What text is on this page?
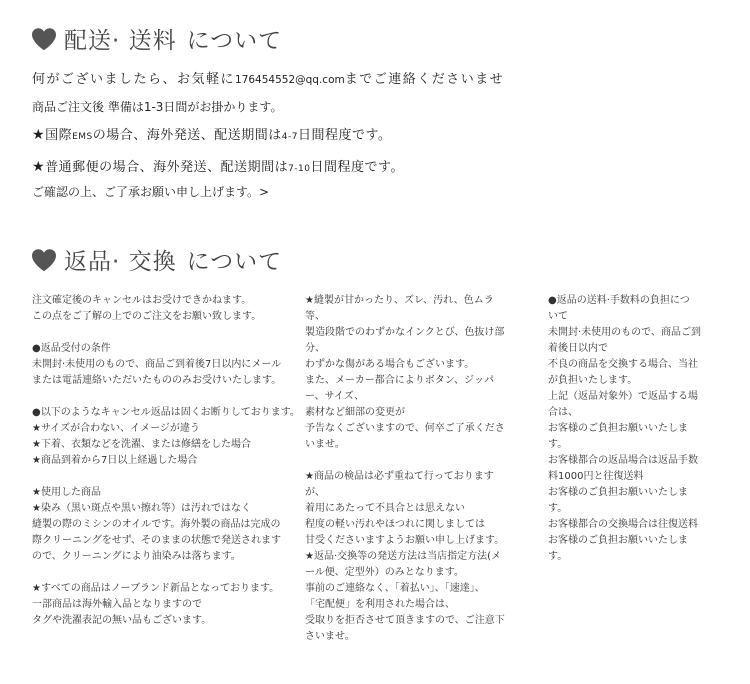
配送· 送料 について
何がございましたら、お気軽に176454552@qq.comまでご連絡くださいませ
商品ご注文後 準備は1-3日間がお掛かります。
★国際EMSの場合、海外発送、配送期間は4-7日間程度です。
★普通郵便の場合、海外発送、配送期間は7-10日間程度です。
ご確認の上、ご了承お願い申し上げます。>
返品· 交換 について

注文確定後のキャンセルはお受けできかねます。

この点をご了解の上でのご注文をお願い致します。

●返品受付の条件

未開封·未使用のもので、商品ご到着後7日以内にメール

または電話連絡いただいたもののみお受けいたします。

●以下のようなキャンセル返品は固くお断りしております。

★サイズが合わない、イメージが違う

★下着、衣類などを洗濯、または修繕をした場合

★商品到着から7日以上経過した場合

★使用した商品

★染み（黒い斑点や黒い擦れ等）は汚れではなく

縫製の際のミシンのオイルです。海外製の商品は完成の

際クリーニングをせず、そのままの状態で発送されます

ので、クリーニングにより油染みは落ちます。

★すべての商品はノーブランド新品となっております。

一部商品は海外輸入品となりますので

タグや洗濯表記の無い品もございます。

★縫製が甘かったり、ズレ、汚れ、色ムラ

等、

製造段階でのわずかなインクとび、色抜け部

分、

わずかな傷がある場合もございます。

また、メーカー都合によりボタン、ジッパ

ー、サイズ、

素材など細部の変更が

予告なくございますので、何卒ご了承くださ

いませ。

★商品の検品は必ず重ねて行っております

が、

着用にあたって不具合とは思えない

程度の軽い汚れやほつれに関しましては

甘受くださいますようお願い申し上げます。

★返品·交換等の発送方法は当店指定方法(メ

ール便、定型外）のみとなります。

事前のご連絡なく、「着払い」、「速達」、

「宅配便」を利用された場合は、

受取りを拒否させて頂きますので、ご注意下

さいませ。

●返品の送料·手数料の負担につ

いて

未開封·未使用のもので、商品ご到

着後日以内で

不良の商品を交換する場合、当社

が負担いたします。

上記（返品対象外）で返品する場

合は、

お客様のご負担お願いいたしま

す。

お客様都合の返品場合は返品手数

料1000円と往復送料

お客様のご負担お願いいたしま

す。

お客様都合の交換場合は往復送料

お客様のご負担お願いいたしま

す。
